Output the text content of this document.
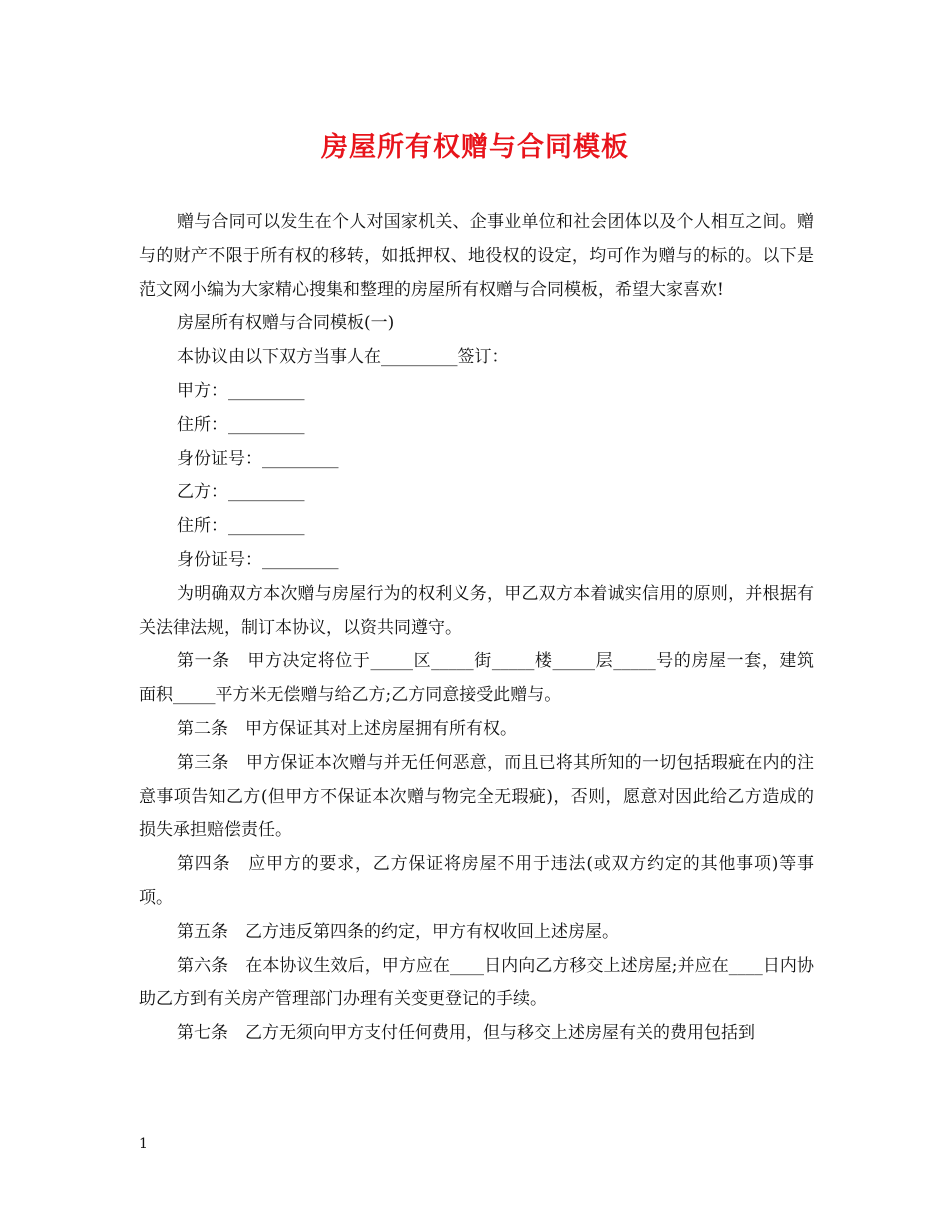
房屋所有权赠与合同模板

赠与合同可以发生在个人对国家机关、企事业单位和社会团体以及个人相互之间。赠与的财产不限于所有权的移转，如抵押权、地役权的设定，均可作为赠与的标的。以下是范文网小编为大家精心搜集和整理的房屋所有权赠与合同模板，希望大家喜欢!

房屋所有权赠与合同模板(一)

本协议由以下双方当事人在_________签订：

甲方：_________

住所：_________

身份证号：_________

乙方：_________

住所：_________

身份证号：_________

为明确双方本次赠与房屋行为的权利义务，甲乙双方本着诚实信用的原则，并根据有关法律法规，制订本协议，以资共同遵守。

第一条　甲方决定将位于_____区_____街_____楼_____层_____号的房屋一套，建筑面积_____平方米无偿赠与给乙方;乙方同意接受此赠与。

第二条　甲方保证其对上述房屋拥有所有权。

第三条　甲方保证本次赠与并无任何恶意，而且已将其所知的一切包括瑕疵在内的注意事项告知乙方(但甲方不保证本次赠与物完全无瑕疵)，否则，愿意对因此给乙方造成的损失承担赔偿责任。

第四条　应甲方的要求，乙方保证将房屋不用于违法(或双方约定的其他事项)等事项。

第五条　乙方违反第四条的约定，甲方有权收回上述房屋。

第六条　在本协议生效后，甲方应在____日内向乙方移交上述房屋;并应在____日内协助乙方到有关房产管理部门办理有关变更登记的手续。

第七条　乙方无须向甲方支付任何费用，但与移交上述房屋有关的费用包括到

1
